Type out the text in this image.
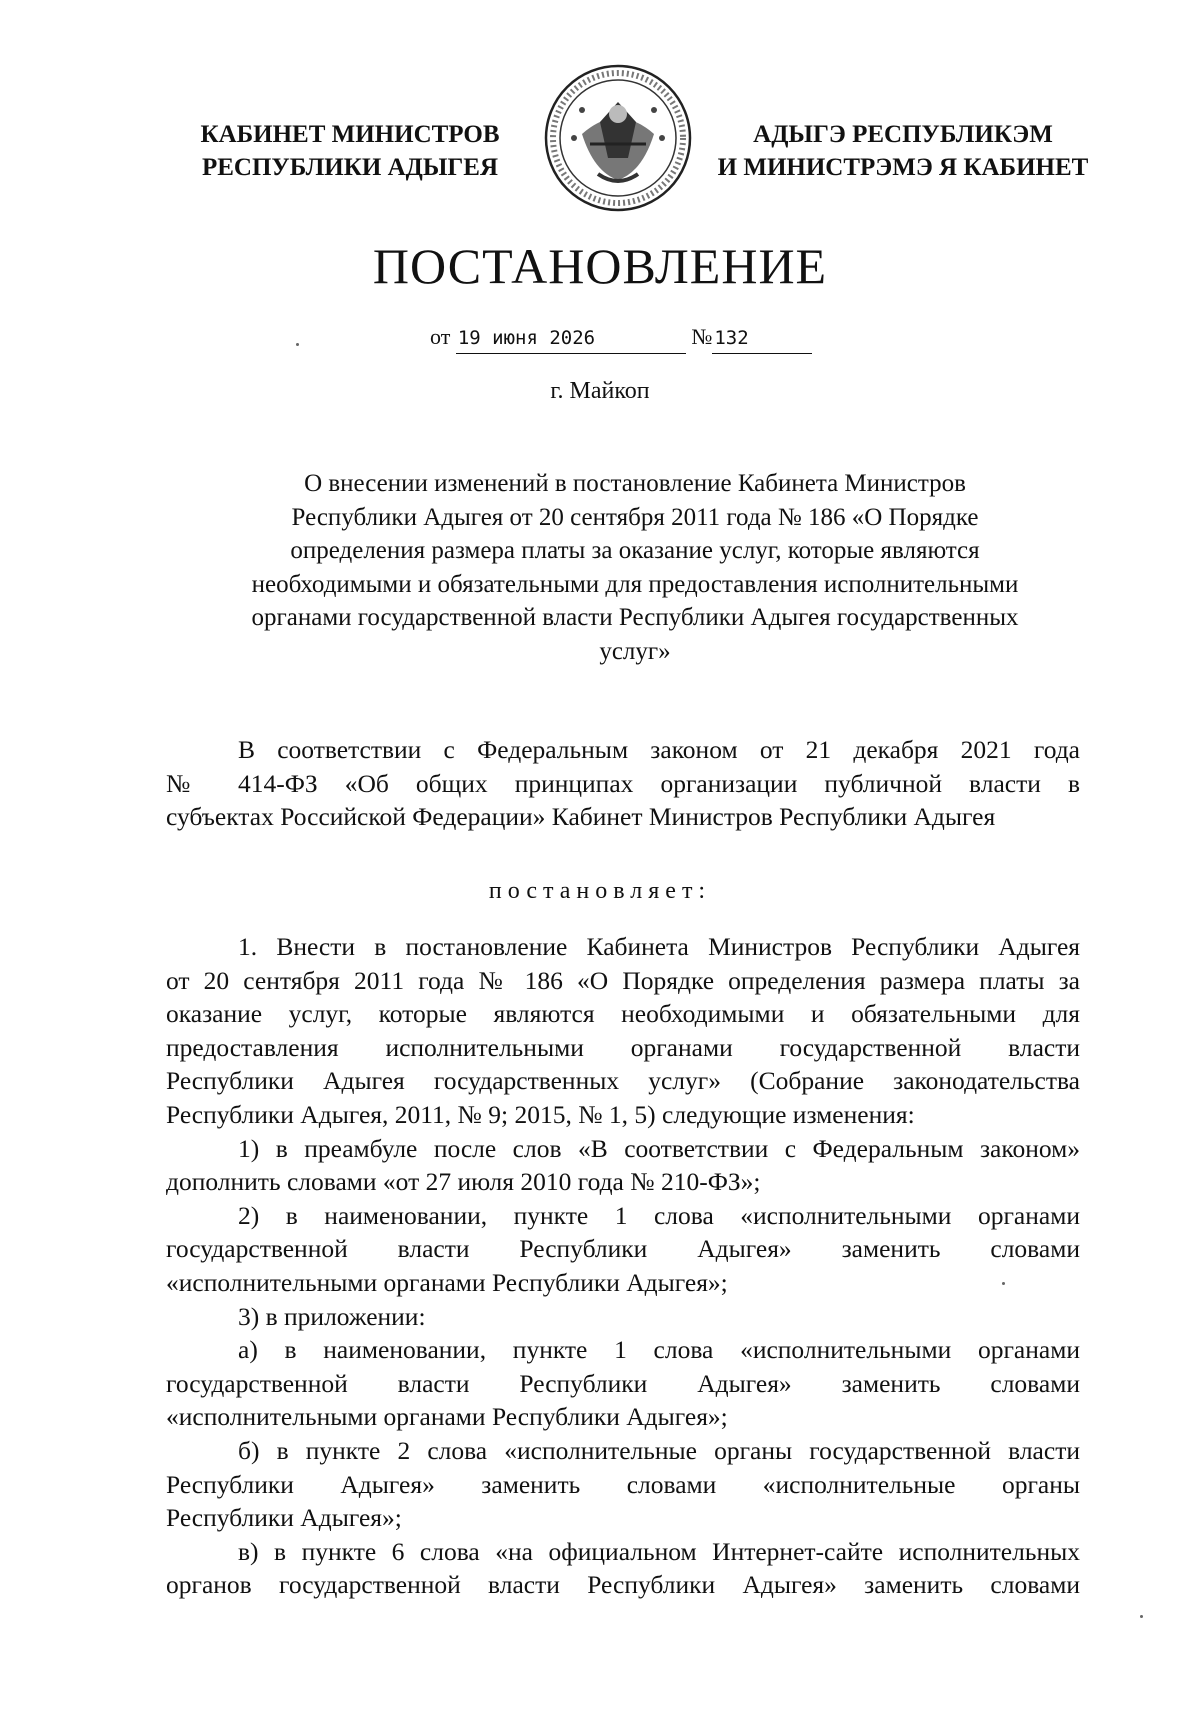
КАБИНЕТ МИНИСТРОВ
РЕСПУБЛИКИ АДЫГЕЯ
АДЫГЭ РЕСПУБЛИКЭМ
И МИНИСТРЭМЭ Я КАБИНЕТ
ПОСТАНОВЛЕНИЕ
от 19 июня 2026	№ 132
г. Майкоп
О внесении изменений в постановление Кабинета Министров
Республики Адыгея от 20 сентября 2011 года № 186 «О Порядке
определения размера платы за оказание услуг, которые являются
необходимыми и обязательными для предоставления исполнительными
органами государственной власти Республики Адыгея государственных
услуг»
В соответствии с Федеральным законом от 21 декабря 2021 года
№ 414-ФЗ «Об общих принципах организации публичной власти в
субъектах Российской Федерации» Кабинет Министров Республики Адыгея
постановляет:
1. Внести в постановление Кабинета Министров Республики Адыгея
от 20 сентября 2011 года № 186 «О Порядке определения размера платы за
оказание услуг, которые являются необходимыми и обязательными для
предоставления исполнительными органами государственной власти
Республики Адыгея государственных услуг» (Собрание законодательства
Республики Адыгея, 2011, № 9; 2015, № 1, 5) следующие изменения:
1) в преамбуле после слов «В соответствии с Федеральным законом»
дополнить словами «от 27 июля 2010 года № 210-ФЗ»;
2) в наименовании, пункте 1 слова «исполнительными органами
государственной власти Республики Адыгея» заменить словами
«исполнительными органами Республики Адыгея»;
3) в приложении:
а) в наименовании, пункте 1 слова «исполнительными органами
государственной власти Республики Адыгея» заменить словами
«исполнительными органами Республики Адыгея»;
б) в пункте 2 слова «исполнительные органы государственной власти
Республики Адыгея» заменить словами «исполнительные органы
Республики Адыгея»;
в) в пункте 6 слова «на официальном Интернет-сайте исполнительных
органов государственной власти Республики Адыгея» заменить словами
